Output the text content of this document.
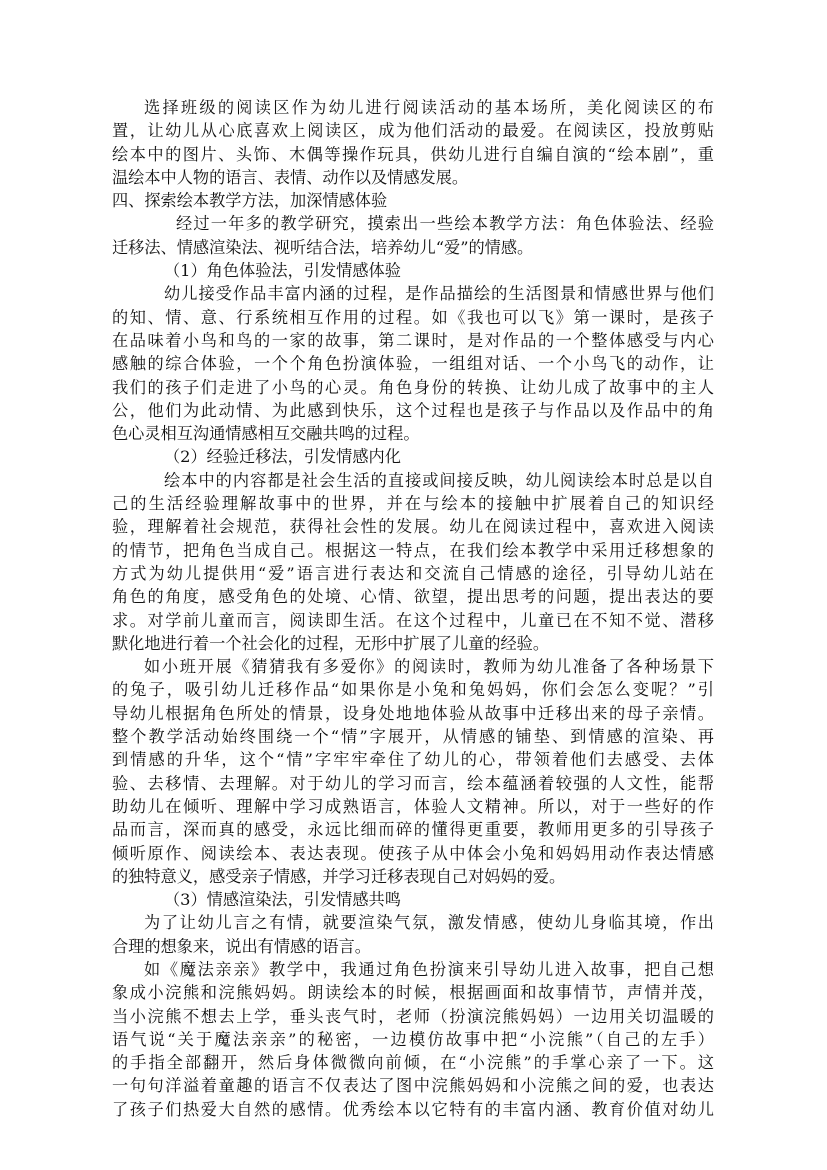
选择班级的阅读区作为幼儿进行阅读活动的基本场所，美化阅读区的布
置，让幼儿从心底喜欢上阅读区，成为他们活动的最爱。在阅读区，投放剪贴
绘本中的图片、头饰、木偶等操作玩具，供幼儿进行自编自演的“绘本剧”，重
温绘本中人物的语言、表情、动作以及情感发展。
四、探索绘本教学方法，加深情感体验
经过一年多的教学研究，摸索出一些绘本教学方法：角色体验法、经验
迁移法、情感渲染法、视听结合法，培养幼儿“爱”的情感。
（1）角色体验法，引发情感体验
幼儿接受作品丰富内涵的过程，是作品描绘的生活图景和情感世界与他们
的知、情、意、行系统相互作用的过程。如《我也可以飞》第一课时，是孩子
在品味着小鸟和鸟的一家的故事，第二课时，是对作品的一个整体感受与内心
感触的综合体验，一个个角色扮演体验，一组组对话、一个小鸟飞的动作，让
我们的孩子们走进了小鸟的心灵。角色身份的转换、让幼儿成了故事中的主人
公，他们为此动情、为此感到快乐，这个过程也是孩子与作品以及作品中的角
色心灵相互沟通情感相互交融共鸣的过程。
（2）经验迁移法，引发情感内化
绘本中的内容都是社会生活的直接或间接反映，幼儿阅读绘本时总是以自
己的生活经验理解故事中的世界，并在与绘本的接触中扩展着自己的知识经
验，理解着社会规范，获得社会性的发展。幼儿在阅读过程中，喜欢进入阅读
的情节，把角色当成自己。根据这一特点，在我们绘本教学中采用迁移想象的
方式为幼儿提供用“爱”语言进行表达和交流自己情感的途径，引导幼儿站在
角色的角度，感受角色的处境、心情、欲望，提出思考的问题，提出表达的要
求。对学前儿童而言，阅读即生活。在这个过程中，儿童已在不知不觉、潜移
默化地进行着一个社会化的过程，无形中扩展了儿童的经验。
如小班开展《猜猜我有多爱你》的阅读时，教师为幼儿准备了各种场景下
的兔子，吸引幼儿迁移作品“如果你是小兔和兔妈妈，你们会怎么变呢？”引
导幼儿根据角色所处的情景，设身处地地体验从故事中迁移出来的母子亲情。
整个教学活动始终围绕一个“情”字展开，从情感的铺垫、到情感的渲染、再
到情感的升华，这个“情”字牢牢牵住了幼儿的心，带领着他们去感受、去体
验、去移情、去理解。对于幼儿的学习而言，绘本蕴涵着较强的人文性，能帮
助幼儿在倾听、理解中学习成熟语言，体验人文精神。所以，对于一些好的作
品而言，深而真的感受，永远比细而碎的懂得更重要，教师用更多的引导孩子
倾听原作、阅读绘本、表达表现。使孩子从中体会小兔和妈妈用动作表达情感
的独特意义，感受亲子情感，并学习迁移表现自己对妈妈的爱。
（3）情感渲染法，引发情感共鸣
为了让幼儿言之有情，就要渲染气氛，激发情感，使幼儿身临其境，作出
合理的想象来，说出有情感的语言。
如《魔法亲亲》教学中，我通过角色扮演来引导幼儿进入故事，把自己想
象成小浣熊和浣熊妈妈。朗读绘本的时候，根据画面和故事情节，声情并茂，
当小浣熊不想去上学，垂头丧气时，老师（扮演浣熊妈妈）一边用关切温暖的
语气说“关于魔法亲亲”的秘密，一边模仿故事中把“小浣熊”（自己的左手）
的手指全部翻开，然后身体微微向前倾，在“小浣熊”的手掌心亲了一下。这
一句句洋溢着童趣的语言不仅表达了图中浣熊妈妈和小浣熊之间的爱，也表达
了孩子们热爱大自然的感情。优秀绘本以它特有的丰富内涵、教育价值对幼儿
